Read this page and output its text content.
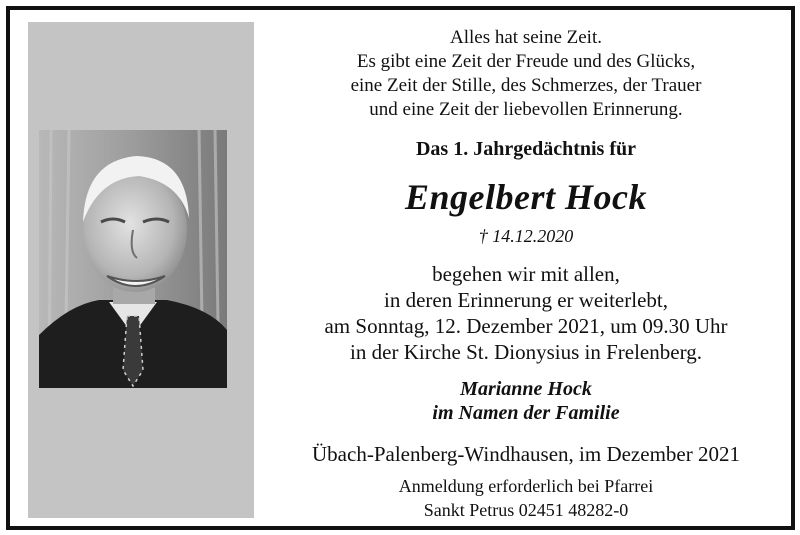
Alles hat seine Zeit.
Es gibt eine Zeit der Freude und des Glücks,
eine Zeit der Stille, des Schmerzes, der Trauer
und eine Zeit der liebevollen Erinnerung.
Das 1. Jahrgedächtnis für
Engelbert Hock
† 14.12.2020
begehen wir mit allen,
in deren Erinnerung er weiterlebt,
am Sonntag, 12. Dezember 2021, um 09.30 Uhr
in der Kirche St. Dionysius in Frelenberg.
Marianne Hock
im Namen der Familie
Übach-Palenberg-Windhausen, im Dezember 2021
Anmeldung erforderlich bei Pfarrei
Sankt Petrus 02451 48282-0
